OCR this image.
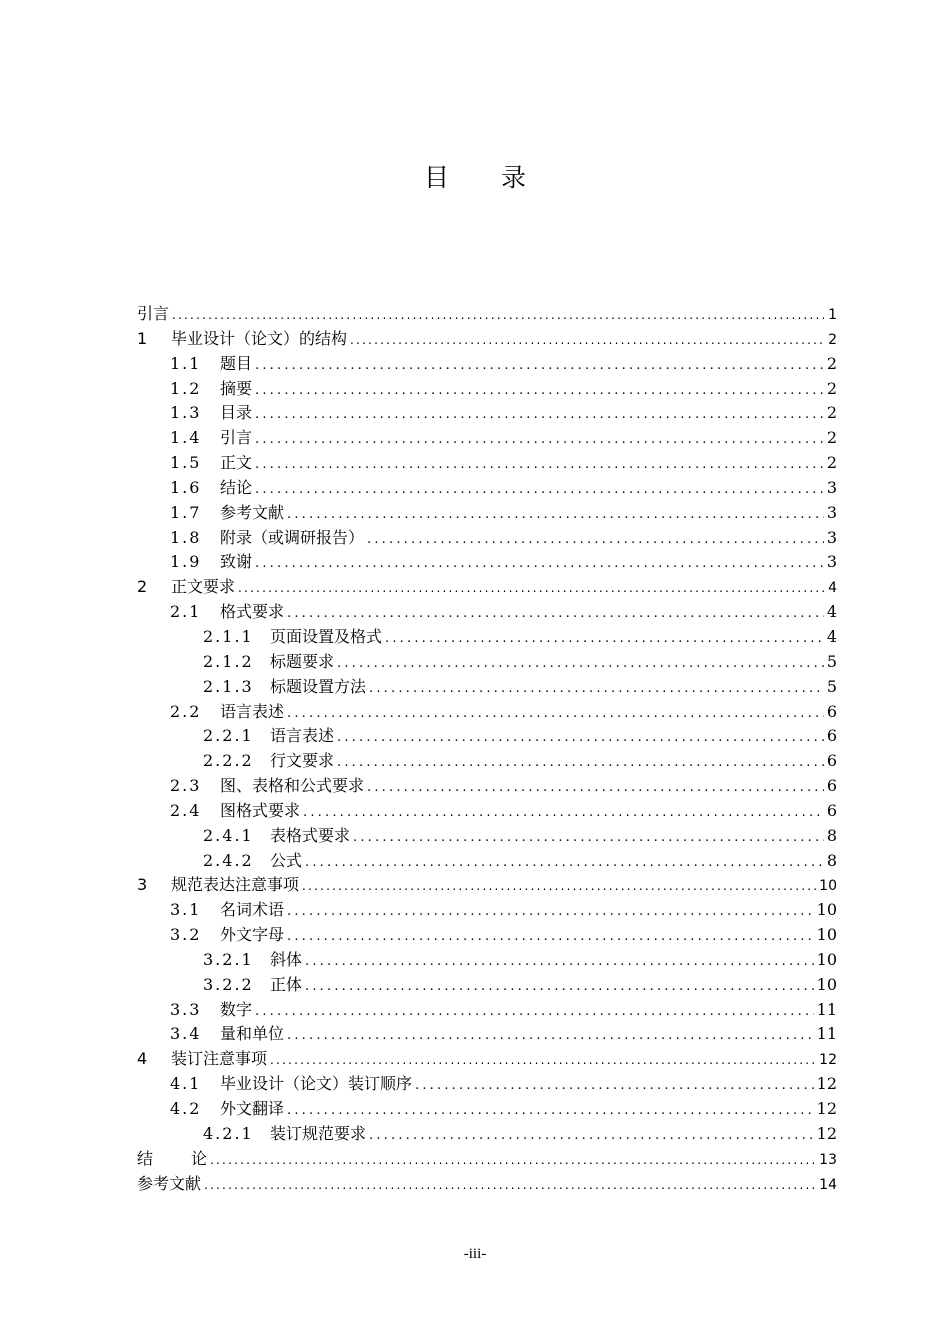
目 录
引言 .....	1
1	毕业设计（论文）的结构 .....	2
1.1	题目 .....	2
1.2	摘要 .....	2
1.3	目录 .....	2
1.4	引言 .....	2
1.5	正文 .....	2
1.6	结论 .....	3
1.7	参考文献 .....	3
1.8	附录（或调研报告） .....	3
1.9	致谢 .....	3
2	正文要求 .....	4
2.1	格式要求 .....	4
2.1.1	页面设置及格式 .....	4
2.1.2	标题要求 .....	5
2.1.3	标题设置方法 .....	5
2.2	语言表述 .....	6
2.2.1	语言表述 .....	6
2.2.2	行文要求 .....	6
2.3	图、表格和公式要求 .....	6
2.4	图格式要求 .....	6
2.4.1	表格式要求 .....	8
2.4.2	公式 .....	8
3	规范表达注意事项 .....	10
3.1	名词术语 .....	10
3.2	外文字母 .....	10
3.2.1	斜体 .....	10
3.2.2	正体 .....	10
3.3	数字 .....	11
3.4	量和单位 .....	11
4	装订注意事项 .....	12
4.1	毕业设计（论文）装订顺序 .....	12
4.2	外文翻译 .....	12
4.2.1	装订规范要求 .....	12
结 论 .....	13
参考文献 .....	14
-iii-
